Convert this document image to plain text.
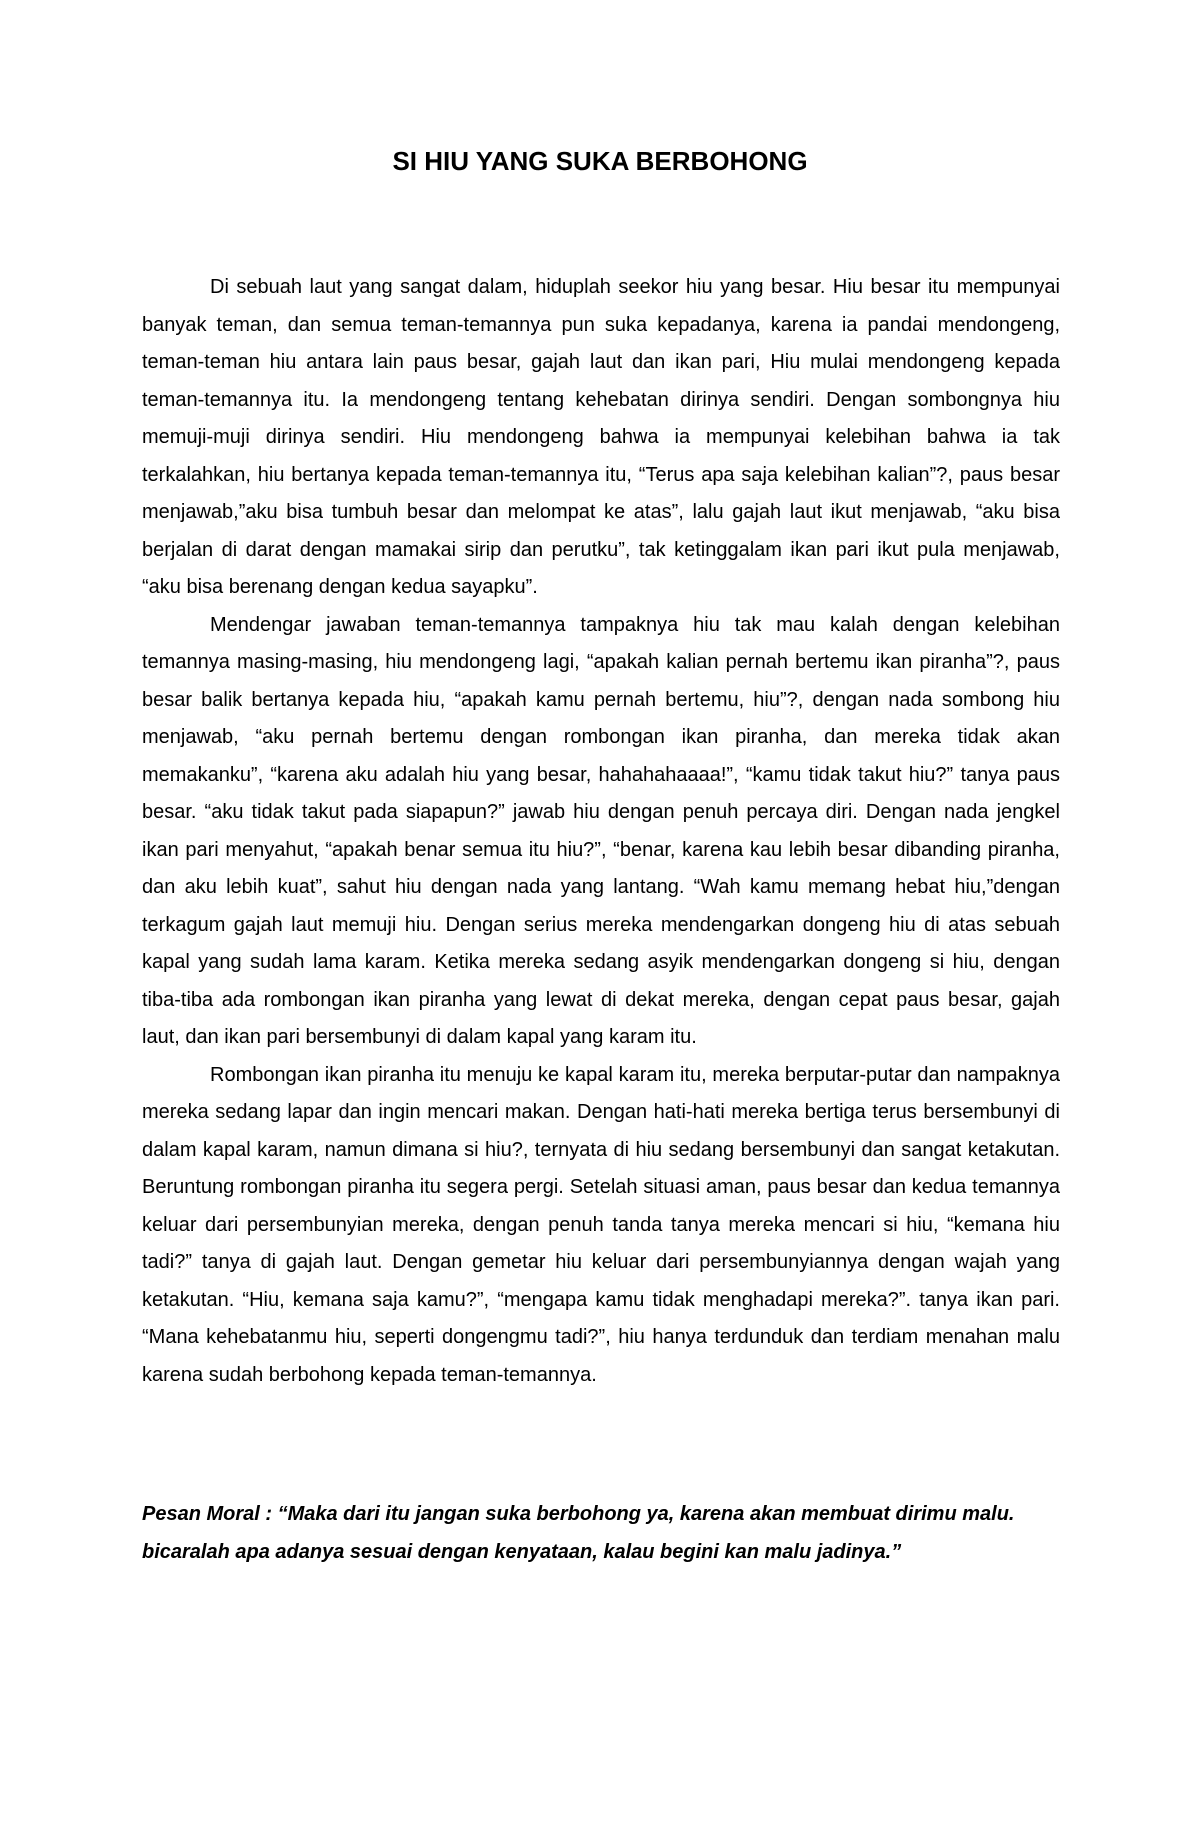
SI HIU YANG SUKA BERBOHONG

Di sebuah laut yang sangat dalam, hiduplah seekor hiu yang besar. Hiu besar itu mempunyai banyak teman, dan semua teman-temannya pun suka kepadanya, karena ia pandai mendongeng, teman-teman hiu antara lain paus besar, gajah laut dan ikan pari, Hiu mulai mendongeng kepada teman-temannya itu. Ia mendongeng tentang kehebatan dirinya sendiri. Dengan sombongnya hiu memuji-muji dirinya sendiri. Hiu mendongeng bahwa ia mempunyai kelebihan bahwa ia tak terkalahkan, hiu bertanya kepada teman-temannya itu, “Terus apa saja kelebihan kalian”?, paus besar menjawab,”aku bisa tumbuh besar dan melompat ke atas”, lalu gajah laut ikut menjawab, “aku bisa berjalan di darat dengan mamakai sirip dan perutku”, tak ketinggalam ikan pari ikut pula menjawab, “aku bisa berenang dengan kedua sayapku”.

Mendengar jawaban teman-temannya tampaknya hiu tak mau kalah dengan kelebihan temannya masing-masing, hiu mendongeng lagi, “apakah kalian pernah bertemu ikan piranha”?, paus besar balik bertanya kepada hiu, “apakah kamu pernah bertemu, hiu”?, dengan nada sombong hiu menjawab, “aku pernah bertemu dengan rombongan ikan piranha, dan mereka tidak akan memakanku”, “karena aku adalah hiu yang besar, hahahahaaaa!”, “kamu tidak takut hiu?” tanya paus besar. “aku tidak takut pada siapapun?” jawab hiu dengan penuh percaya diri. Dengan nada jengkel ikan pari menyahut, “apakah benar semua itu hiu?”, “benar, karena kau lebih besar dibanding piranha, dan aku lebih kuat”, sahut hiu dengan nada yang lantang. “Wah kamu memang hebat hiu,”dengan terkagum gajah laut memuji hiu. Dengan serius mereka mendengarkan dongeng hiu di atas sebuah kapal yang sudah lama karam. Ketika mereka sedang asyik mendengarkan dongeng si hiu, dengan tiba-tiba ada rombongan ikan piranha yang lewat di dekat mereka, dengan cepat paus besar, gajah laut, dan ikan pari bersembunyi di dalam kapal yang karam itu.

Rombongan ikan piranha itu menuju ke kapal karam itu, mereka berputar-putar dan nampaknya mereka sedang lapar dan ingin mencari makan. Dengan hati-hati mereka bertiga terus bersembunyi di dalam kapal karam, namun dimana si hiu?, ternyata di hiu sedang bersembunyi dan sangat ketakutan. Beruntung rombongan piranha itu segera pergi. Setelah situasi aman, paus besar dan kedua temannya keluar dari persembunyian mereka, dengan penuh tanda tanya mereka mencari si hiu, “kemana hiu tadi?” tanya di gajah laut. Dengan gemetar hiu keluar dari persembunyiannya dengan wajah yang ketakutan. “Hiu, kemana saja kamu?”, “mengapa kamu tidak menghadapi mereka?”. tanya ikan pari. “Mana kehebatanmu hiu, seperti dongengmu tadi?”, hiu hanya terdunduk dan terdiam menahan malu karena sudah berbohong kepada teman-temannya.

Pesan Moral : “Maka dari itu jangan suka berbohong ya, karena akan membuat dirimu malu. bicaralah apa adanya sesuai dengan kenyataan, kalau begini kan malu jadinya.”
